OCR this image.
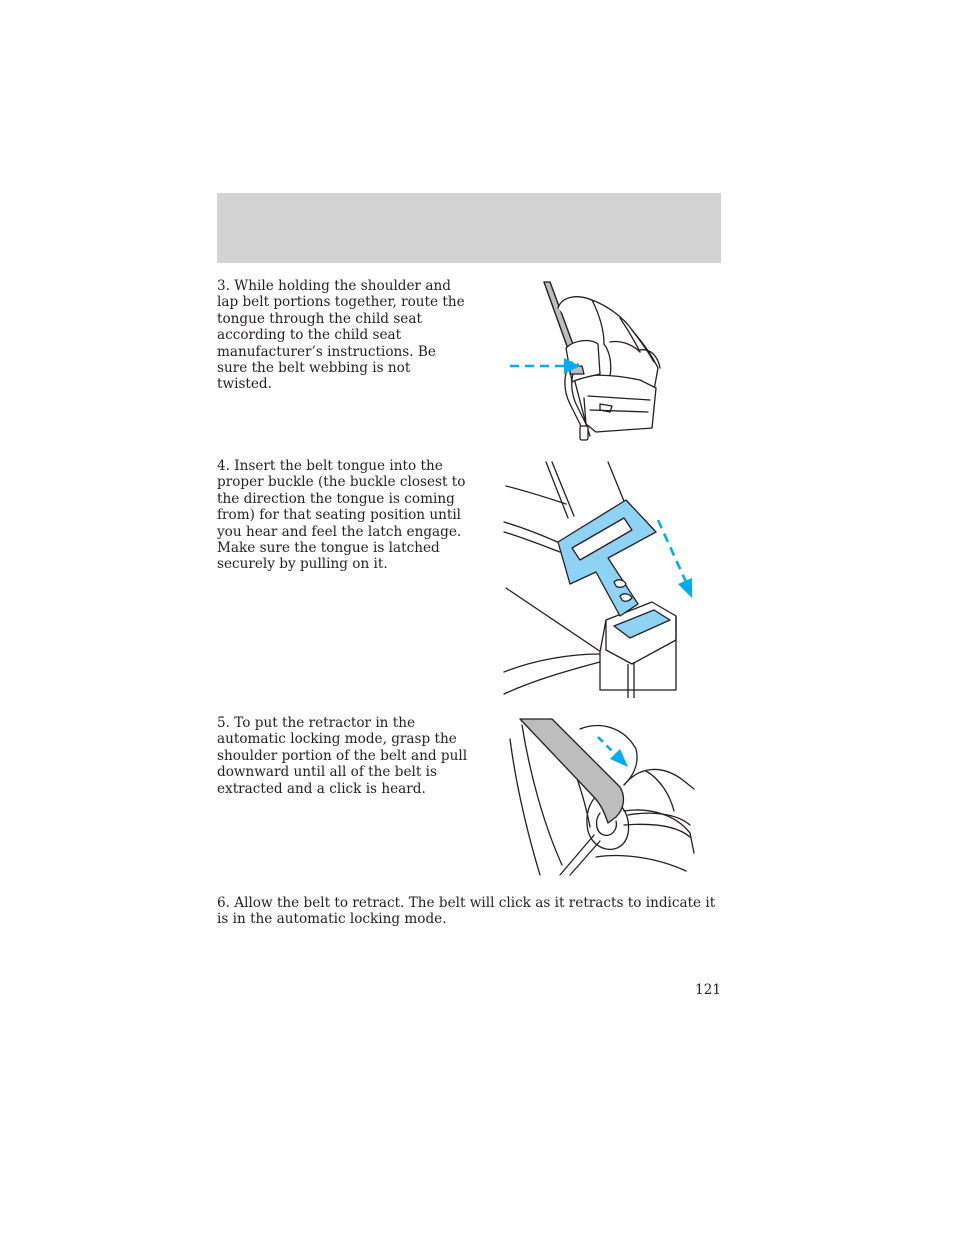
3. While holding the shoulder and lap belt portions together, route the tongue through the child seat according to the child seat manufacturer’s instructions. Be sure the belt webbing is not twisted.

4. Insert the belt tongue into the proper buckle (the buckle closest to the direction the tongue is coming from) for that seating position until you hear and feel the latch engage. Make sure the tongue is latched securely by pulling on it.

5. To put the retractor in the automatic locking mode, grasp the shoulder portion of the belt and pull downward until all of the belt is extracted and a click is heard.

6. Allow the belt to retract. The belt will click as it retracts to indicate it is in the automatic locking mode.

121
